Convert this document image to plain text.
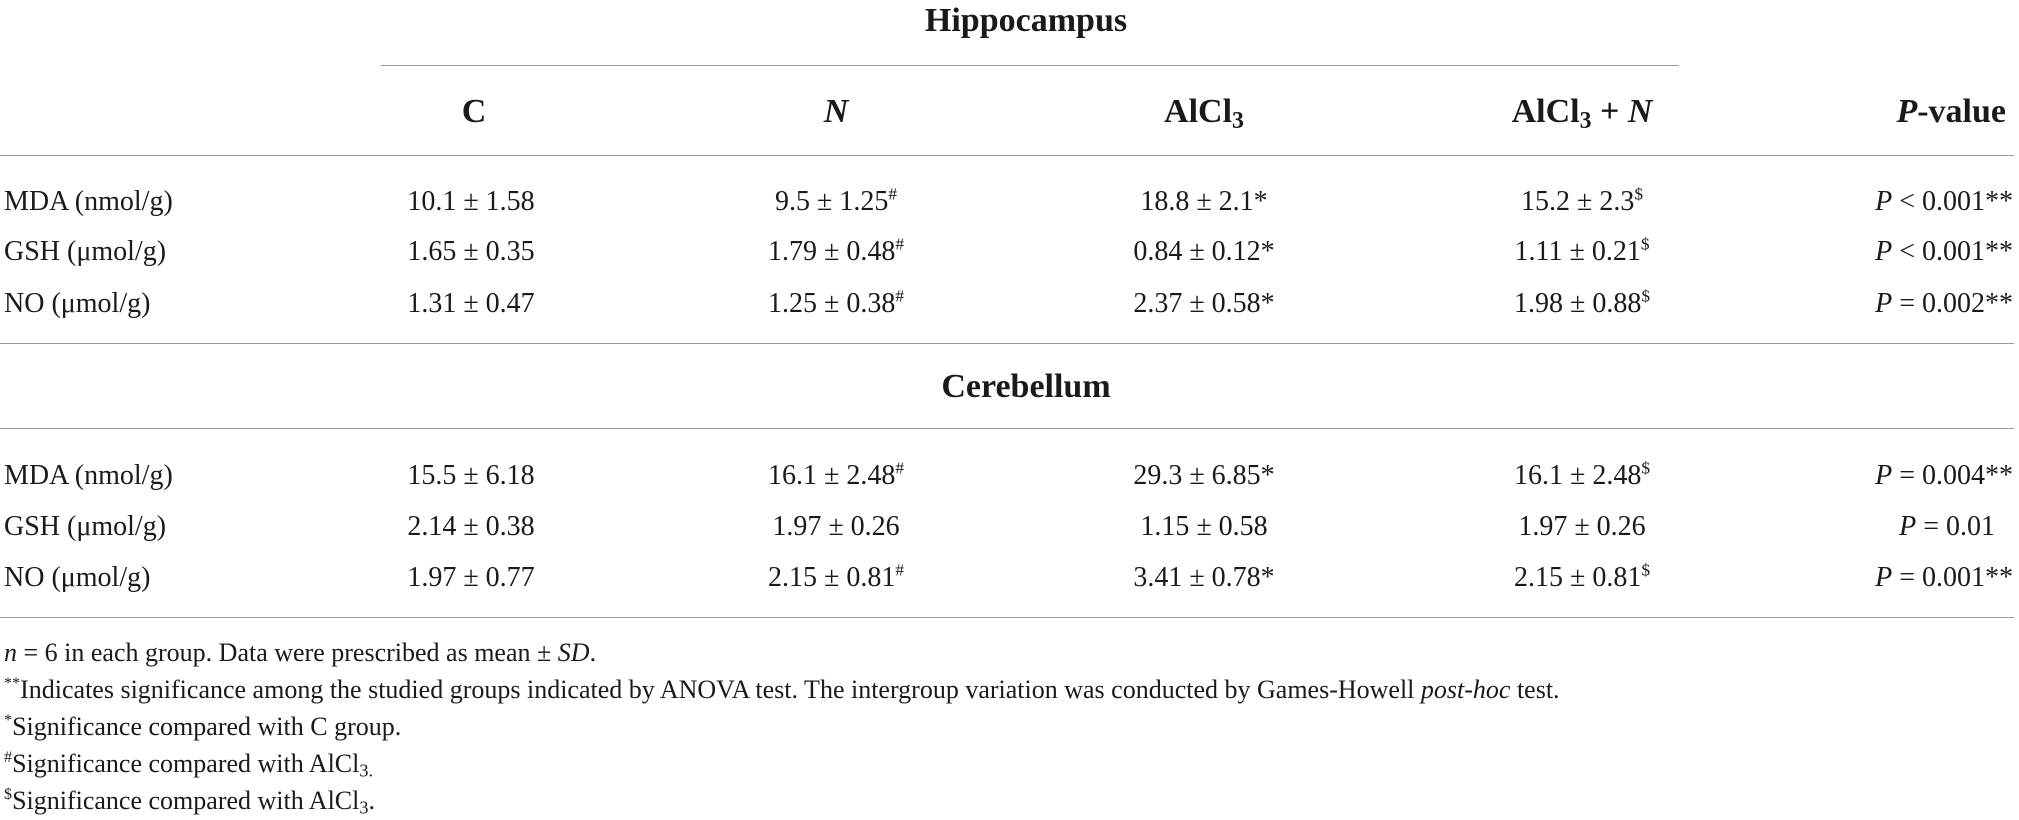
Hippocampus
C	N	AlCl$_3$	AlCl$_3$ + N	P-value
MDA (nmol/g)	10.1 ± 1.58	9.5 ± 1.25#	18.8 ± 2.1*	15.2 ± 2.3$	P < 0.001**
GSH (μmol/g)	1.65 ± 0.35	1.79 ± 0.48#	0.84 ± 0.12*	1.11 ± 0.21$	P < 0.001**
NO (μmol/g)	1.31 ± 0.47	1.25 ± 0.38#	2.37 ± 0.58*	1.98 ± 0.88$	P = 0.002**
Cerebellum
MDA (nmol/g)	15.5 ± 6.18	16.1 ± 2.48#	29.3 ± 6.85*	16.1 ± 2.48$	P = 0.004**
GSH (μmol/g)	2.14 ± 0.38	1.97 ± 0.26	1.15 ± 0.58	1.97 ± 0.26	P = 0.01
NO (μmol/g)	1.97 ± 0.77	2.15 ± 0.81#	3.41 ± 0.78*	2.15 ± 0.81$	P = 0.001**
n = 6 in each group. Data were prescribed as mean ± SD.
**Indicates significance among the studied groups indicated by ANOVA test. The intergroup variation was conducted by Games-Howell post-hoc test.
*Significance compared with C group.
#Significance compared with AlCl$_{3.}$
$Significance compared with AlCl$_3$.
